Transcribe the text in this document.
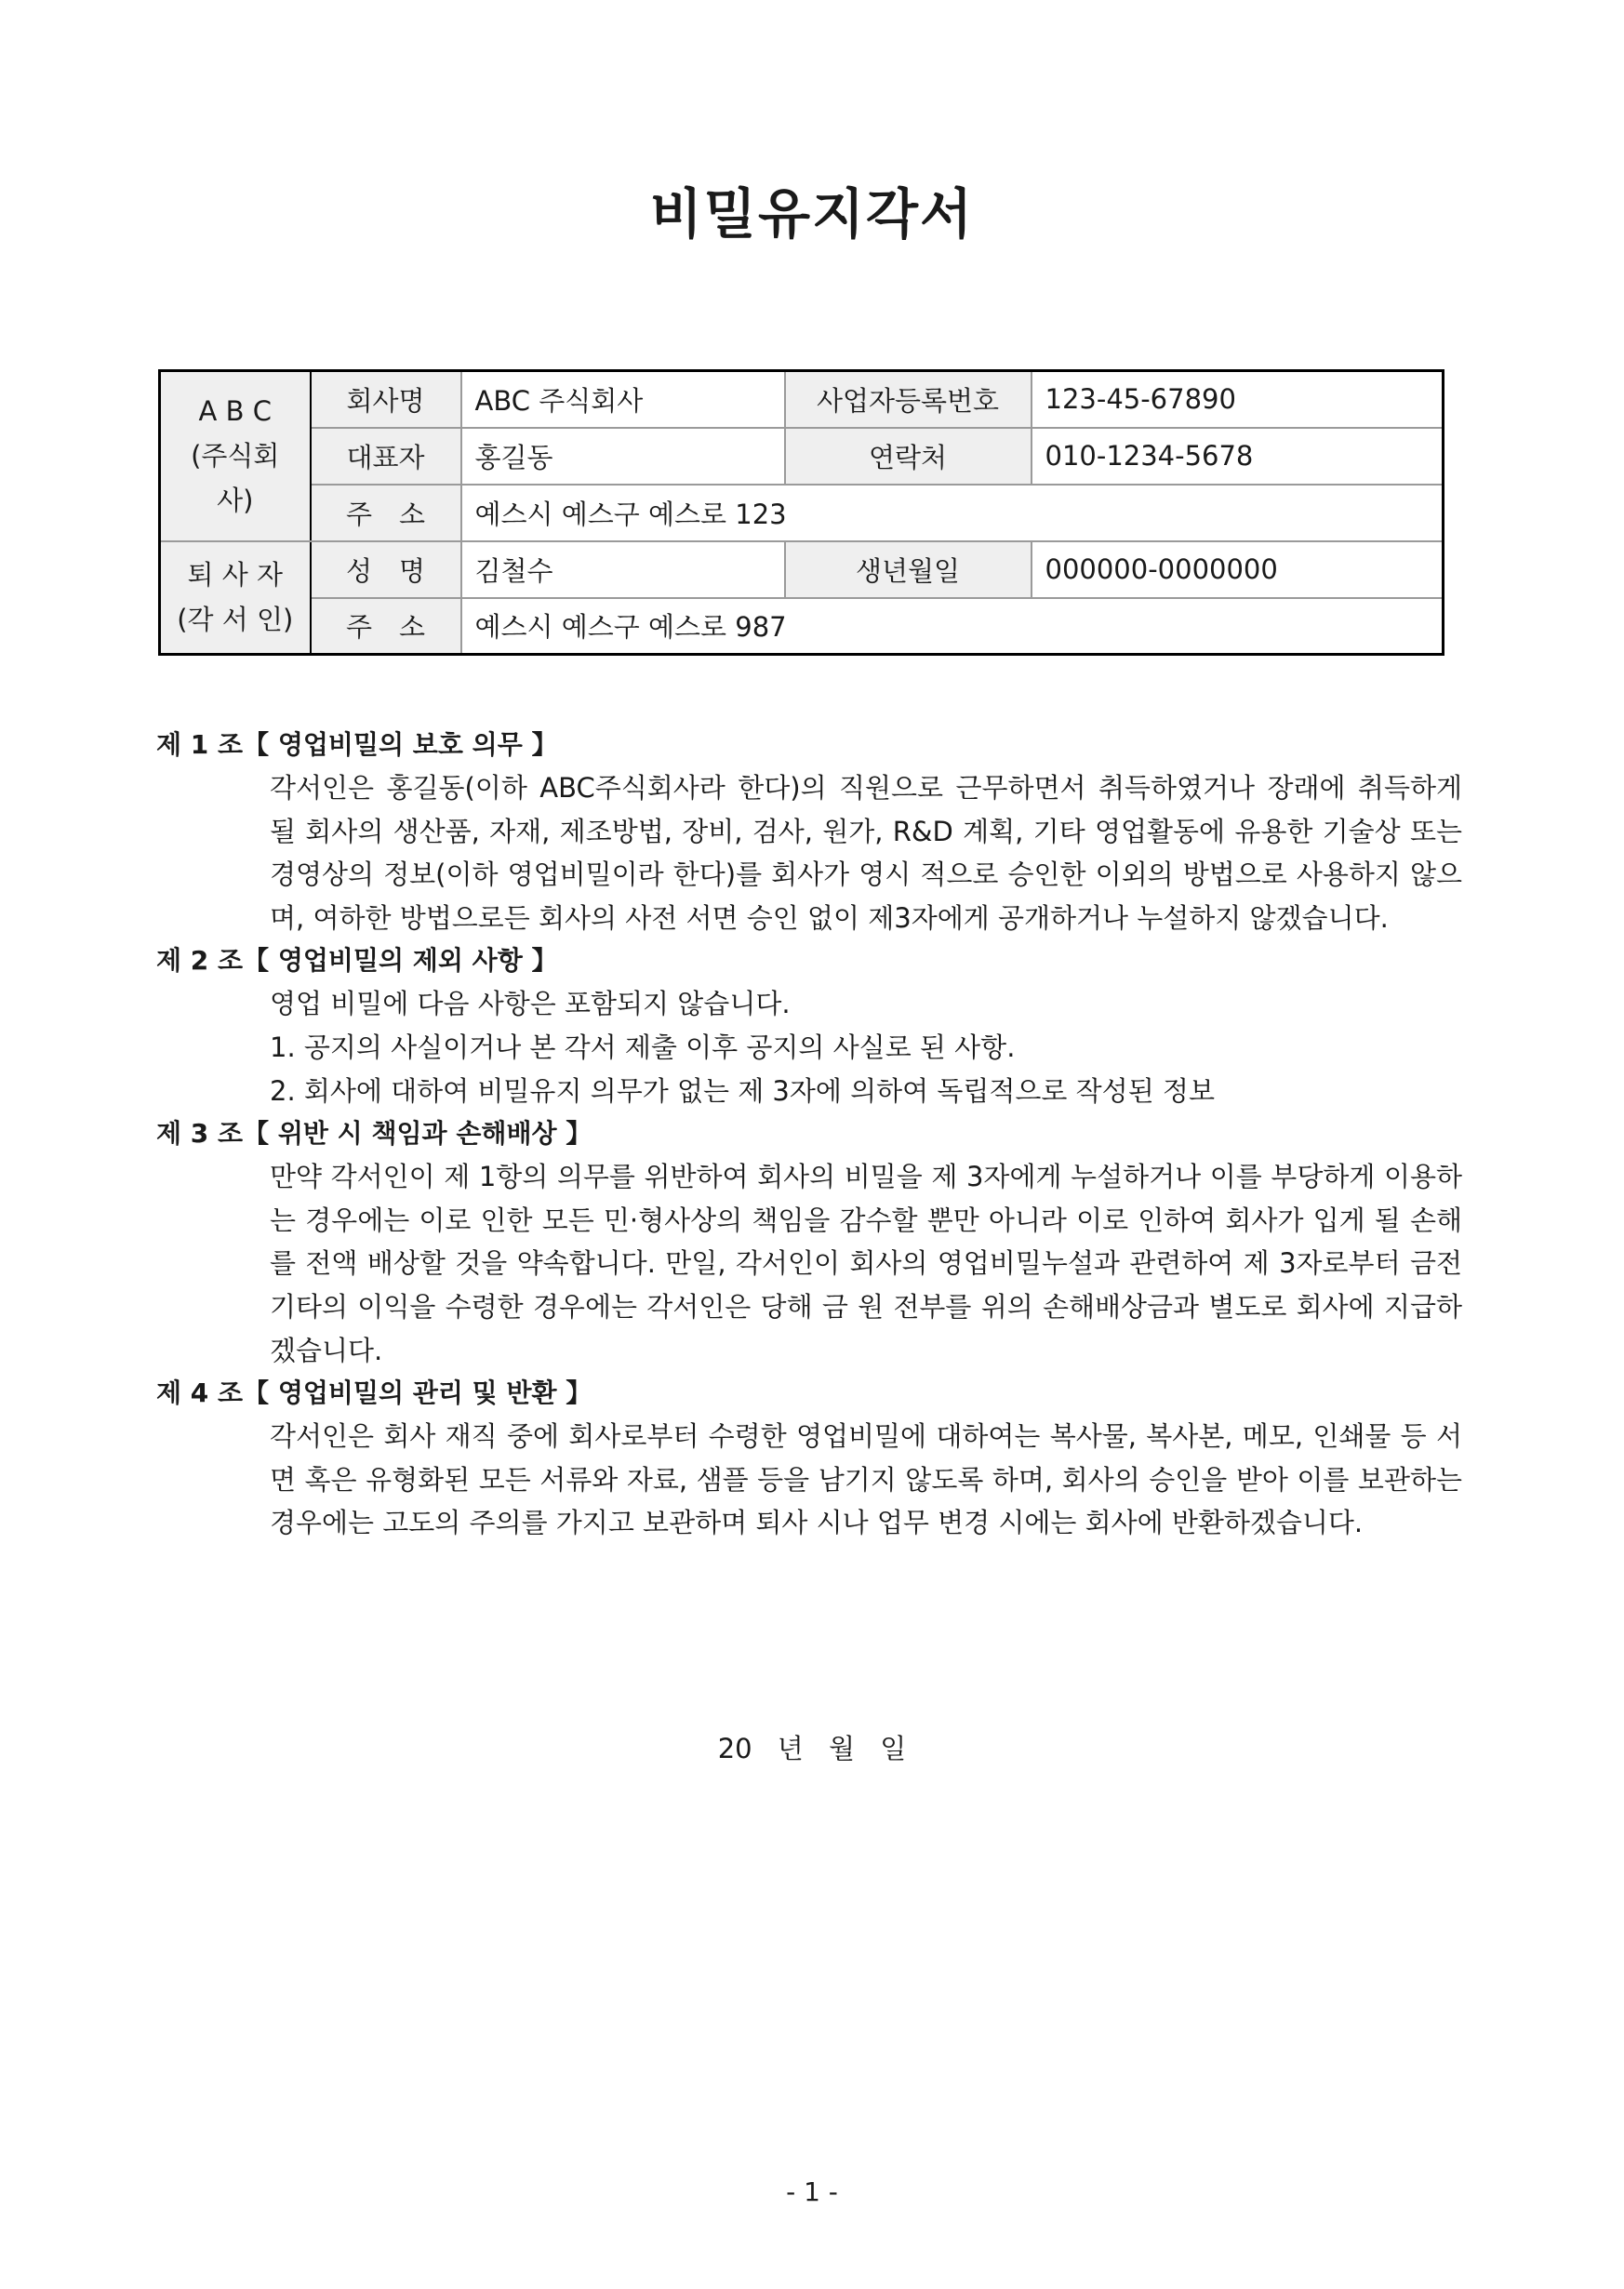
비밀유지각서
A B C
(주식회사)	회사명	ABC 주식회사	사업자등록번호	123-45-67890
	대표자	홍길동	연락처	010-1234-5678
	주　소	예스시 예스구 예스로 123		
퇴 사 자
(각 서 인)	성　명	김철수	생년월일	000000-0000000
	주　소	예스시 예스구 예스로 987		
제 1 조【 영업비밀의 보호 의무 】

각서인은 홍길동(이하 ABC주식회사라 한다)의 직원으로 근무하면서 취득하였거나 장래에 취득하게 될 회사의 생산품, 자재, 제조방법, 장비, 검사, 원가, R&D 계획, 기타 영업활동에 유용한 기술상 또는 경영상의 정보(이하 영업비밀이라 한다)를 회사가 영시 적으로 승인한 이외의 방법으로 사용하지 않으며, 여하한 방법으로든 회사의 사전 서면 승인 없이 제3자에게 공개하거나 누설하지 않겠습니다.

제 2 조【 영업비밀의 제외 사항 】

영업 비밀에 다음 사항은 포함되지 않습니다.

1. 공지의 사실이거나 본 각서 제출 이후 공지의 사실로 된 사항.

2. 회사에 대하여 비밀유지 의무가 없는 제 3자에 의하여 독립적으로 작성된 정보

제 3 조【 위반 시 책임과 손해배상 】

만약 각서인이 제 1항의 의무를 위반하여 회사의 비밀을 제 3자에게 누설하거나 이를 부당하게 이용하는 경우에는 이로 인한 모든 민·형사상의 책임을 감수할 뿐만 아니라 이로 인하여 회사가 입게 될 손해를 전액 배상할 것을 약속합니다. 만일, 각서인이 회사의 영업비밀누설과 관련하여 제 3자로부터 금전 기타의 이익을 수령한 경우에는 각서인은 당해 금 원 전부를 위의 손해배상금과 별도로 회사에 지급하겠습니다.

제 4 조【 영업비밀의 관리 및 반환 】

각서인은 회사 재직 중에 회사로부터 수령한 영업비밀에 대하여는 복사물, 복사본, 메모, 인쇄물 등 서면 혹은 유형화된 모든 서류와 자료, 샘플 등을 남기지 않도록 하며, 회사의 승인을 받아 이를 보관하는 경우에는 고도의 주의를 가지고 보관하며 퇴사 시나 업무 변경 시에는 회사에 반환하겠습니다.

20 년 월 일
- 1 -
